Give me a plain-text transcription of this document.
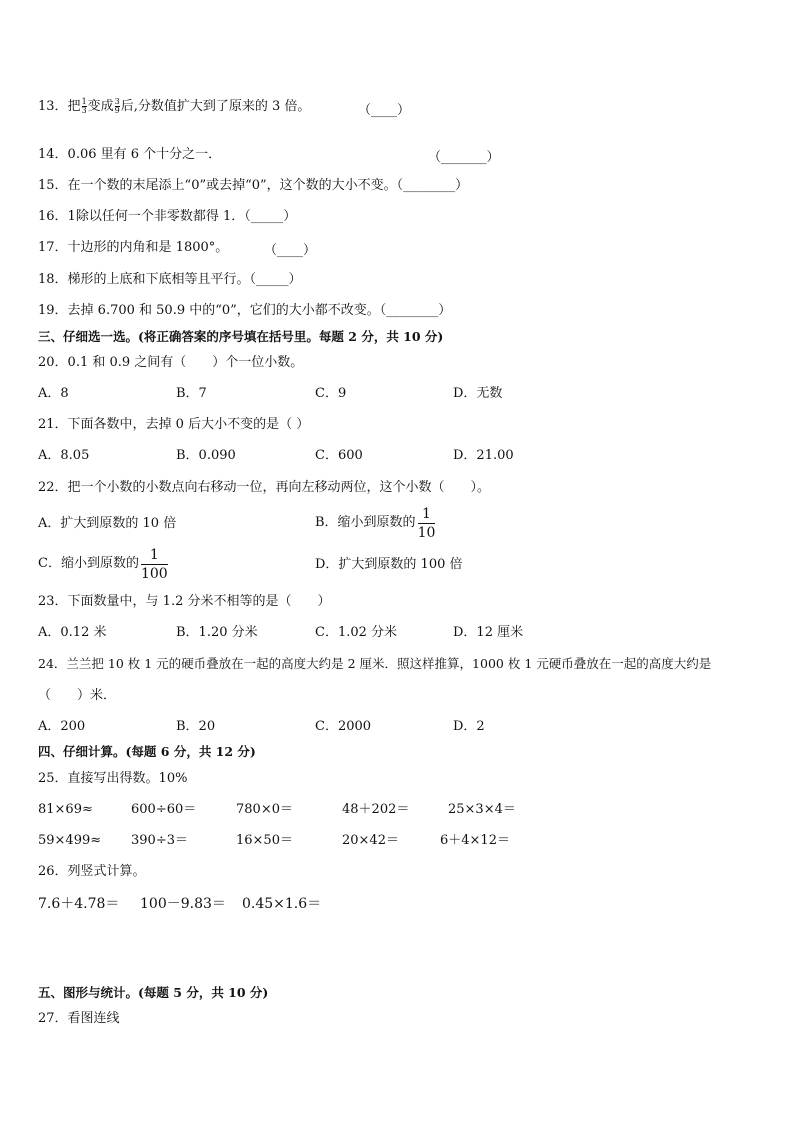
13．把 $\frac{1}{3}$ 变成 $\frac{3}{9}$ 后,分数值扩大到了原来的 3 倍。	（____）
14．0.06 里有 6 个十分之一．	（_______）
15．在一个数的末尾添上“0”或去掉“0”，这个数的大小不变。（________）
16．1除以任何一个非零数都得 1．（_____）
17．十边形的内角和是 1800°。	（____）
18．梯形的上底和下底相等且平行。（_____）
19．去掉 6.700 和 50.9 中的“0”，它们的大小都不改变。（________）
三、仔细选一选。(将正确答案的序号填在括号里。每题 2 分，共 10 分)
20．0.1 和 0.9 之间有（　　）个一位小数。
A．8	B．7	C．9	D．无数
21．下面各数中，去掉 0 后大小不变的是（ ）
A．8.05	B．0.090	C．600	D．21.00
22．把一个小数的小数点向右移动一位，再向左移动两位，这个小数（　　）。
A．扩大到原数的 10 倍	B．缩小到原数的 $\frac{1}{10}$
C．缩小到原数的 $\frac{1}{100}$	D．扩大到原数的 100 倍
23．下面数量中，与 1.2 分米不相等的是（　　）
A．0.12 米	B．1.20 分米	C．1.02 分米	D．12 厘米
24．兰兰把 10 枚 1 元的硬币叠放在一起的高度大约是 2 厘米．照这样推算，1000 枚 1 元硬币叠放在一起的高度大约是
（　　）米．
A．200	B．20	C．2000	D．2
四、仔细计算。(每题 6 分，共 12 分)
25．直接写出得数。10%
81×69≈	600÷60＝	780×0＝	48＋202＝	25×3×4＝
59×499≈ 390÷3＝	16×50＝	20×42＝	6＋4×12＝
26．列竖式计算。
7.6＋4.78＝ 100－9.83＝ 0.45×1.6＝
五、图形与统计。(每题 5 分，共 10 分)
27．看图连线
